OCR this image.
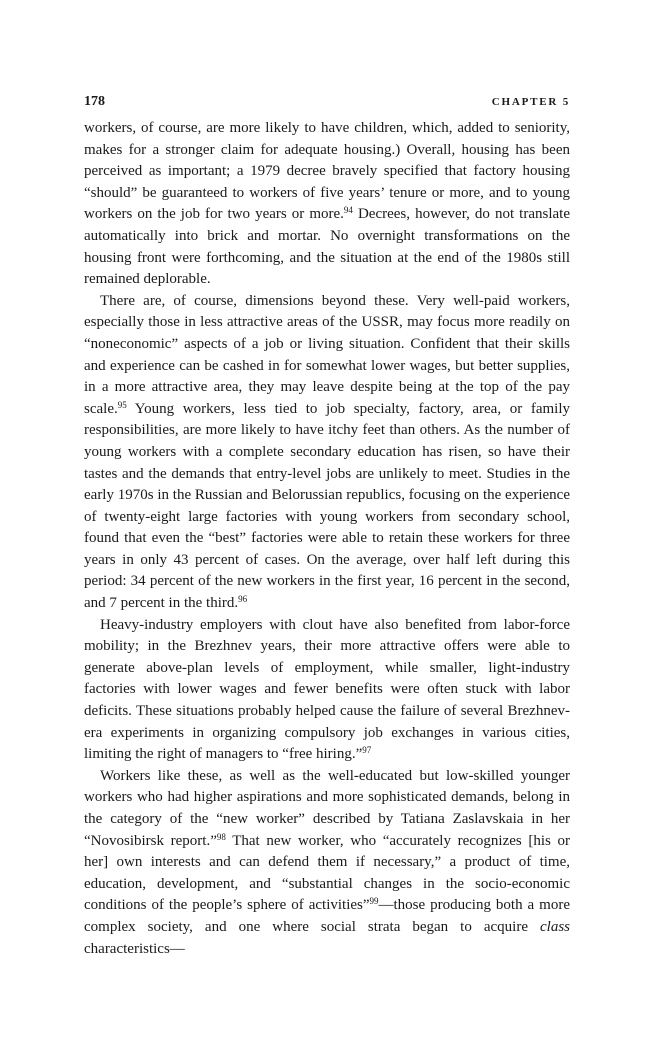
178	CHAPTER 5

workers, of course, are more likely to have children, which, added to seniority, makes for a stronger claim for adequate housing.) Overall, housing has been perceived as important; a 1979 decree bravely specified that factory housing “should” be guaranteed to workers of five years’ tenure or more, and to young workers on the job for two years or more.$^{94}$ Decrees, however, do not translate automatically into brick and mortar. No overnight transformations on the housing front were forthcoming, and the situation at the end of the 1980s still remained deplorable.

There are, of course, dimensions beyond these. Very well-paid workers, especially those in less attractive areas of the USSR, may focus more readily on “noneconomic” aspects of a job or living situation. Confident that their skills and experience can be cashed in for somewhat lower wages, but better supplies, in a more attractive area, they may leave despite being at the top of the pay scale.$^{95}$ Young workers, less tied to job specialty, factory, area, or family responsibilities, are more likely to have itchy feet than others. As the number of young workers with a complete secondary education has risen, so have their tastes and the demands that entry-level jobs are unlikely to meet. Studies in the early 1970s in the Russian and Belorussian republics, focusing on the experience of twenty-eight large factories with young workers from secondary school, found that even the “best” factories were able to retain these workers for three years in only 43 percent of cases. On the average, over half left during this period: 34 percent of the new workers in the first year, 16 percent in the second, and 7 percent in the third.$^{96}$

Heavy-industry employers with clout have also benefited from labor-force mobility; in the Brezhnev years, their more attractive offers were able to generate above-plan levels of employment, while smaller, light-industry factories with lower wages and fewer benefits were often stuck with labor deficits. These situations probably helped cause the failure of several Brezhnev-era experiments in organizing compulsory job exchanges in various cities, limiting the right of managers to “free hiring.”$^{97}$

Workers like these, as well as the well-educated but low-skilled younger workers who had higher aspirations and more sophisticated demands, belong in the category of the “new worker” described by Tatiana Zaslavskaia in her “Novosibirsk report.”$^{98}$ That new worker, who “accurately recognizes [his or her] own interests and can defend them if necessary,” a product of time, education, development, and “substantial changes in the socio-economic conditions of the people’s sphere of activities”$^{99}$—those producing both a more complex society, and one where social strata began to acquire class characteristics—
